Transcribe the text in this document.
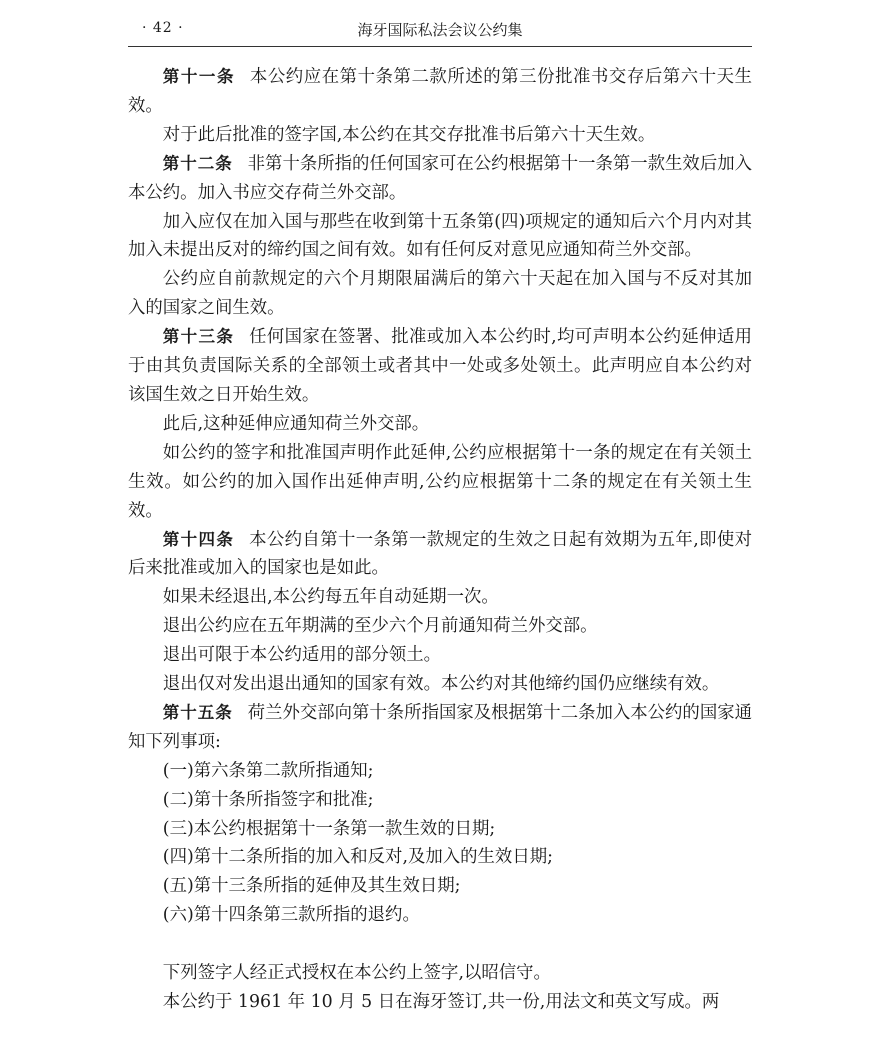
· 42 ·	海牙国际私法会议公约集

第十一条 本公约应在第十条第二款所述的第三份批准书交存后第六十天生效。

对于此后批准的签字国,本公约在其交存批准书后第六十天生效。

第十二条 非第十条所指的任何国家可在公约根据第十一条第一款生效后加入本公约。加入书应交存荷兰外交部。

加入应仅在加入国与那些在收到第十五条第(四)项规定的通知后六个月内对其加入未提出反对的缔约国之间有效。如有任何反对意见应通知荷兰外交部。

公约应自前款规定的六个月期限届满后的第六十天起在加入国与不反对其加入的国家之间生效。

第十三条 任何国家在签署、批准或加入本公约时,均可声明本公约延伸适用于由其负责国际关系的全部领土或者其中一处或多处领土。此声明应自本公约对该国生效之日开始生效。

此后,这种延伸应通知荷兰外交部。

如公约的签字和批准国声明作此延伸,公约应根据第十一条的规定在有关领土生效。如公约的加入国作出延伸声明,公约应根据第十二条的规定在有关领土生效。

第十四条 本公约自第十一条第一款规定的生效之日起有效期为五年,即使对后来批准或加入的国家也是如此。

如果未经退出,本公约每五年自动延期一次。

退出公约应在五年期满的至少六个月前通知荷兰外交部。

退出可限于本公约适用的部分领土。

退出仅对发出退出通知的国家有效。本公约对其他缔约国仍应继续有效。

第十五条 荷兰外交部向第十条所指国家及根据第十二条加入本公约的国家通知下列事项:

(一)第六条第二款所指通知;

(二)第十条所指签字和批准;

(三)本公约根据第十一条第一款生效的日期;

(四)第十二条所指的加入和反对,及加入的生效日期;

(五)第十三条所指的延伸及其生效日期;

(六)第十四条第三款所指的退约。

下列签字人经正式授权在本公约上签字,以昭信守。

本公约于 1961 年 10 月 5 日在海牙签订,共一份,用法文和英文写成。两
